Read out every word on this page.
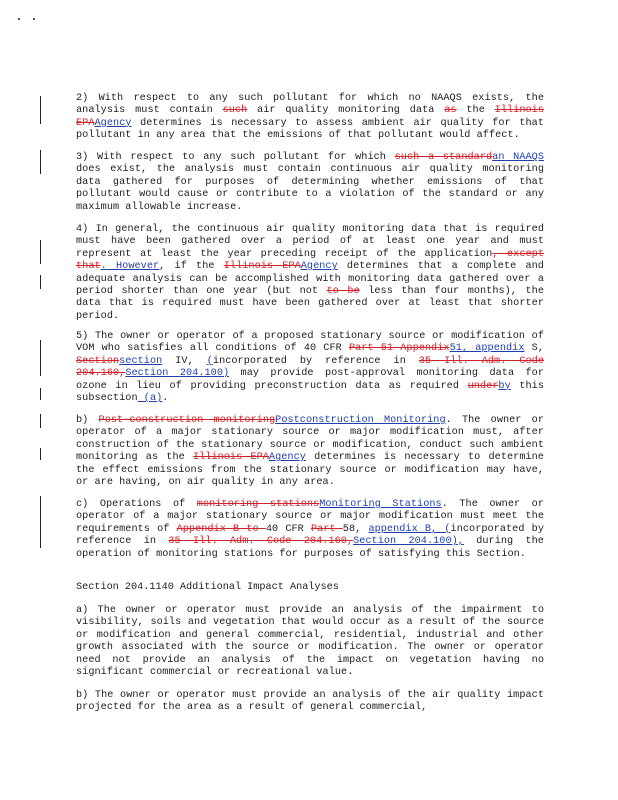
2) With respect to any such pollutant for which no NAAQS exists, the analysis must contain such air quality monitoring data as the Illinois EPAAgency determines is necessary to assess ambient air quality for that pollutant in any area that the emissions of that pollutant would affect.
3) With respect to any such pollutant for which such a standardan NAAQS does exist, the analysis must contain continuous air quality monitoring data gathered for purposes of determining whether emissions of that pollutant would cause or contribute to a violation of the standard or any maximum allowable increase.
4) In general, the continuous air quality monitoring data that is required must have been gathered over a period of at least one year and must represent at least the year preceding receipt of the application, except that. However, if the Illinois EPAAgency determines that a complete and adequate analysis can be accomplished with monitoring data gathered over a period shorter than one year (but not to be less than four months), the data that is required must have been gathered over at least that shorter period.
5) The owner or operator of a proposed stationary source or modification of VOM who satisfies all conditions of 40 CFR Part 51 Appendix51, appendix S, Sectionsection IV, (incorporated by reference in 35 Ill. Adm. Code 204.160,Section 204.100) may provide post-approval monitoring data for ozone in lieu of providing preconstruction data as required underby this subsection (a).
b) Post-construction monitoringPostconstruction Monitoring. The owner or operator of a major stationary source or major modification must, after construction of the stationary source or modification, conduct such ambient monitoring as the Illinois EPAAgency determines is necessary to determine the effect emissions from the stationary source or modification may have, or are having, on air quality in any area.
c) Operations of monitoring stationsMonitoring Stations. The owner or operator of a major stationary source or major modification must meet the requirements of Appendix B to 40 CFR Part 58, appendix B, (incorporated by reference in 35 Ill. Adm. Code 204.160,Section 204.100), during the operation of monitoring stations for purposes of satisfying this Section.
Section 204.1140 Additional Impact Analyses
a) The owner or operator must provide an analysis of the impairment to visibility, soils and vegetation that would occur as a result of the source or modification and general commercial, residential, industrial and other growth associated with the source or modification. The owner or operator need not provide an analysis of the impact on vegetation having no significant commercial or recreational value.
b) The owner or operator must provide an analysis of the air quality impact projected for the area as a result of general commercial,
